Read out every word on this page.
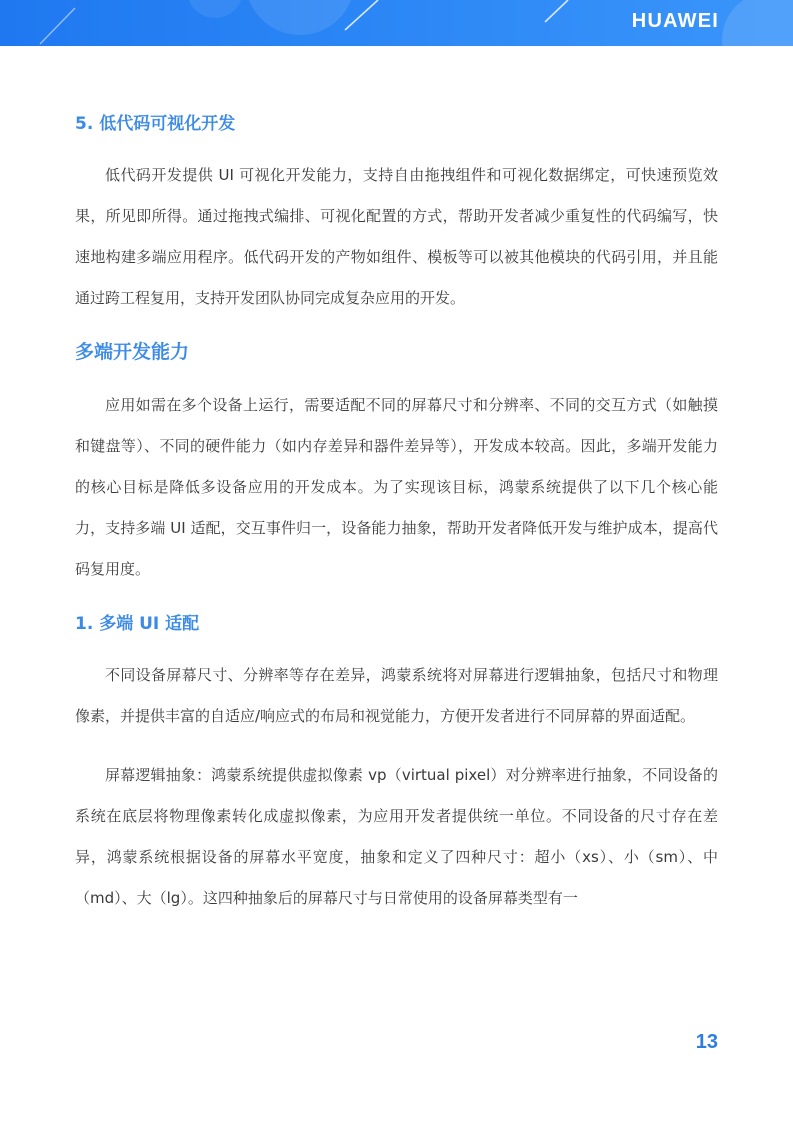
HUAWEI
5. 低代码可视化开发

低代码开发提供 UI 可视化开发能力，支持自由拖拽组件和可视化数据绑定，可快速预览效果，所见即所得。通过拖拽式编排、可视化配置的方式，帮助开发者减少重复性的代码编写，快速地构建多端应用程序。低代码开发的产物如组件、模板等可以被其他模块的代码引用，并且能通过跨工程复用，支持开发团队协同完成复杂应用的开发。

多端开发能力

应用如需在多个设备上运行，需要适配不同的屏幕尺寸和分辨率、不同的交互方式（如触摸和键盘等）、不同的硬件能力（如内存差异和器件差异等），开发成本较高。因此，多端开发能力的核心目标是降低多设备应用的开发成本。为了实现该目标，鸿蒙系统提供了以下几个核心能力，支持多端 UI 适配，交互事件归一，设备能力抽象，帮助开发者降低开发与维护成本，提高代码复用度。

1. 多端 UI 适配

不同设备屏幕尺寸、分辨率等存在差异，鸿蒙系统将对屏幕进行逻辑抽象，包括尺寸和物理像素，并提供丰富的自适应/响应式的布局和视觉能力，方便开发者进行不同屏幕的界面适配。

屏幕逻辑抽象：鸿蒙系统提供虚拟像素 vp（virtual pixel）对分辨率进行抽象，不同设备的系统在底层将物理像素转化成虚拟像素，为应用开发者提供统一单位。不同设备的尺寸存在差异，鸿蒙系统根据设备的屏幕水平宽度，抽象和定义了四种尺寸：超小（xs）、小（sm）、中（md）、大（lg）。这四种抽象后的屏幕尺寸与日常使用的设备屏幕类型有一

13
